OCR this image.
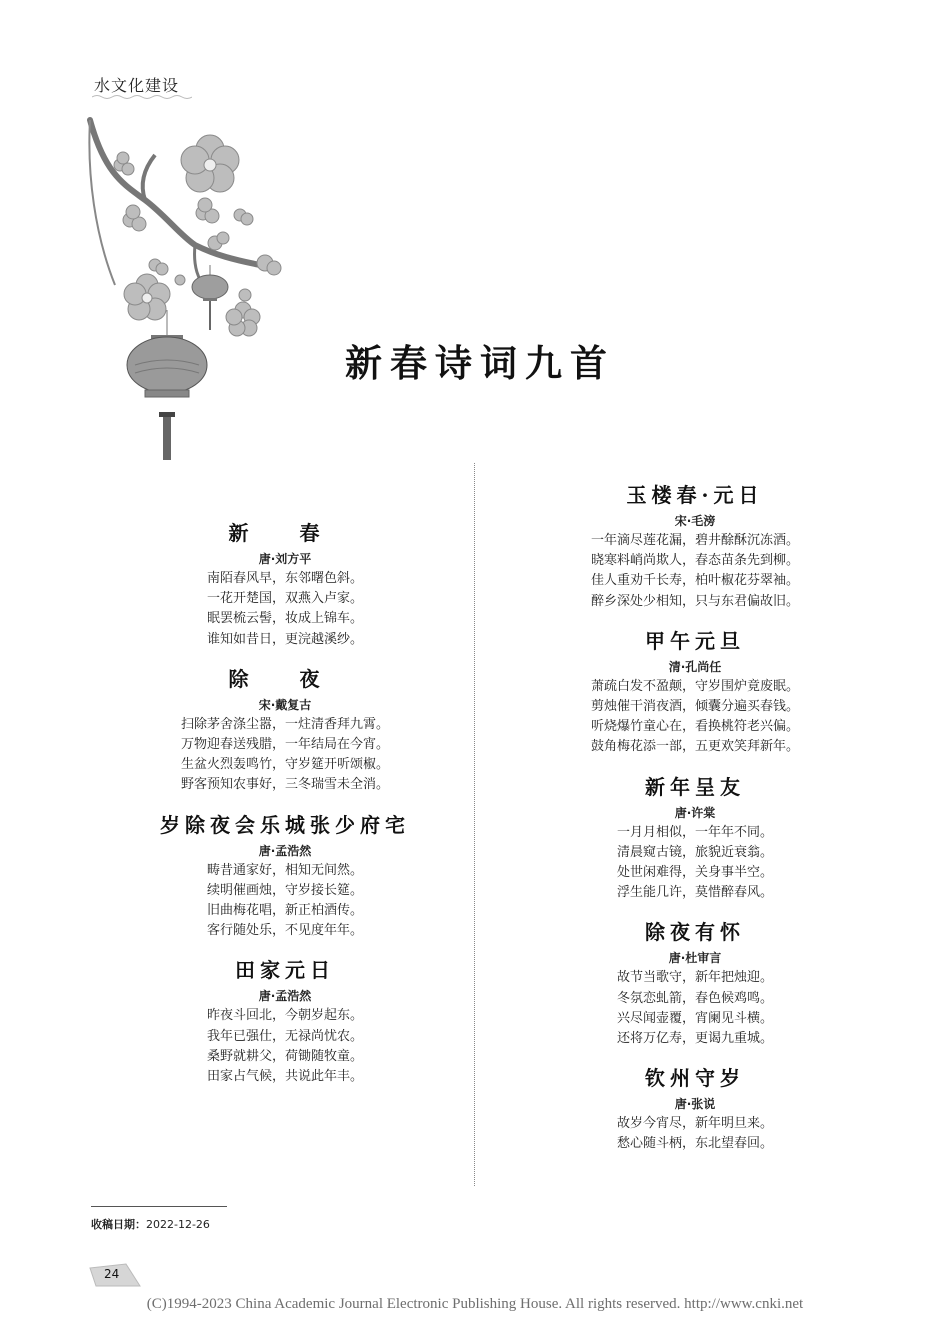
水文化建设
新春诗词九首
新 春
唐·刘方平
南陌春风早，东邻曙色斜。
一花开楚国，双燕入卢家。
眠罢梳云髻，妆成上锦车。
谁知如昔日，更浣越溪纱。
除 夜
宋·戴复古
扫除茅舍涤尘嚣，一炷清香拜九霄。
万物迎春送残腊，一年结局在今宵。
生盆火烈轰鸣竹，守岁筵开听颂椒。
野客预知农事好，三冬瑞雪未全消。
岁除夜会乐城张少府宅
唐·孟浩然
畴昔通家好，相知无间然。
续明催画烛，守岁接长筵。
旧曲梅花唱，新正柏酒传。
客行随处乐，不见度年年。
田家元日
唐·孟浩然
昨夜斗回北，今朝岁起东。
我年已强仕，无禄尚忧农。
桑野就耕父，荷锄随牧童。
田家占气候，共说此年丰。
玉楼春·元日
宋·毛滂
一年滴尽莲花漏，碧井酴酥沉冻酒。
晓寒料峭尚欺人，春态苗条先到柳。
佳人重劝千长寿，柏叶椒花芬翠袖。
醉乡深处少相知，只与东君偏故旧。
甲午元旦
清·孔尚任
萧疏白发不盈颠，守岁围炉竟废眠。
剪烛催干消夜酒，倾囊分遍买春钱。
听烧爆竹童心在，看换桃符老兴偏。
鼓角梅花添一部，五更欢笑拜新年。
新年呈友
唐·许棠
一月月相似，一年年不同。
清晨窥古镜，旅貌近衰翁。
处世闲难得，关身事半空。
浮生能几许，莫惜醉春风。
除夜有怀
唐·杜审言
故节当歌守，新年把烛迎。
冬氛恋虬箭，春色候鸡鸣。
兴尽闻壶覆，宵阑见斗横。
还将万亿寿，更谒九重城。
钦州守岁
唐·张说
故岁今宵尽，新年明旦来。
愁心随斗柄，东北望春回。
收稿日期：2022-12-26
24
(C)1994-2023 China Academic Journal Electronic Publishing House. All rights reserved. http://www.cnki.net
